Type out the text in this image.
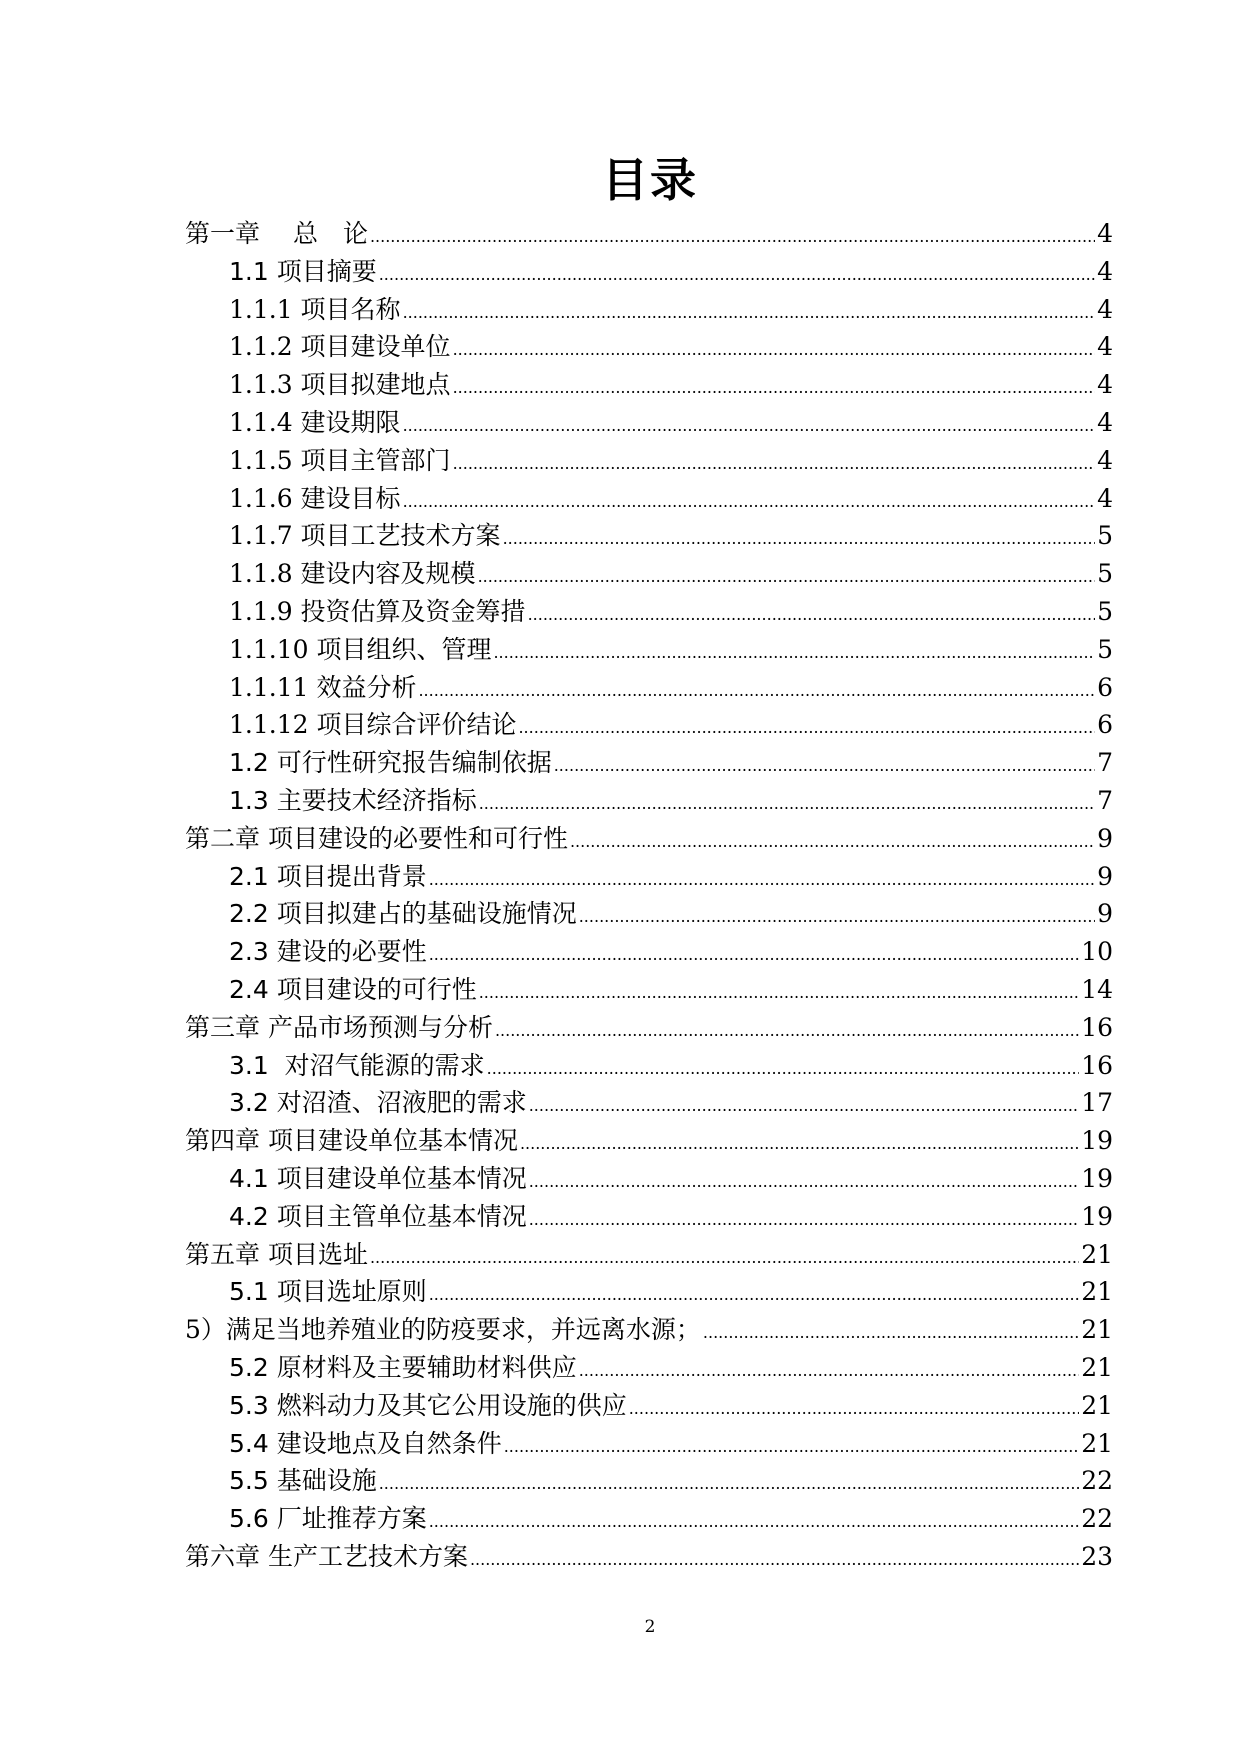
目录
第一章　 总　论 .....	4
1.1 项目摘要 .....	4
1.1.1 项目名称 .....	4
1.1.2 项目建设单位 .....	4
1.1.3 项目拟建地点 .....	4
1.1.4 建设期限 .....	4
1.1.5 项目主管部门 .....	4
1.1.6 建设目标 .....	4
1.1.7 项目工艺技术方案 .....	5
1.1.8 建设内容及规模 .....	5
1.1.9 投资估算及资金筹措 .....	5
1.1.10 项目组织、管理 .....	5
1.1.11 效益分析 .....	6
1.1.12 项目综合评价结论 .....	6
1.2 可行性研究报告编制依据 .....	7
1.3 主要技术经济指标 .....	7
第二章 项目建设的必要性和可行性 .....	9
2.1 项目提出背景 .....	9
2.2 项目拟建占的基础设施情况 .....	9
2.3 建设的必要性 .....	10
2.4 项目建设的可行性 .....	14
第三章 产品市场预测与分析 .....	16
3.1  对沼气能源的需求 .....	16
3.2 对沼渣、沼液肥的需求 .....	17
第四章 项目建设单位基本情况 .....	19
4.1 项目建设单位基本情况 .....	19
4.2 项目主管单位基本情况 .....	19
第五章 项目选址 .....	21
5.1 项目选址原则 .....	21
5）满足当地养殖业的防疫要求，并远离水源； .....	21
5.2 原材料及主要辅助材料供应 .....	21
5.3 燃料动力及其它公用设施的供应 .....	21
5.4 建设地点及自然条件 .....	21
5.5 基础设施 .....	22
5.6 厂址推荐方案 .....	22
第六章 生产工艺技术方案 .....	23
2
